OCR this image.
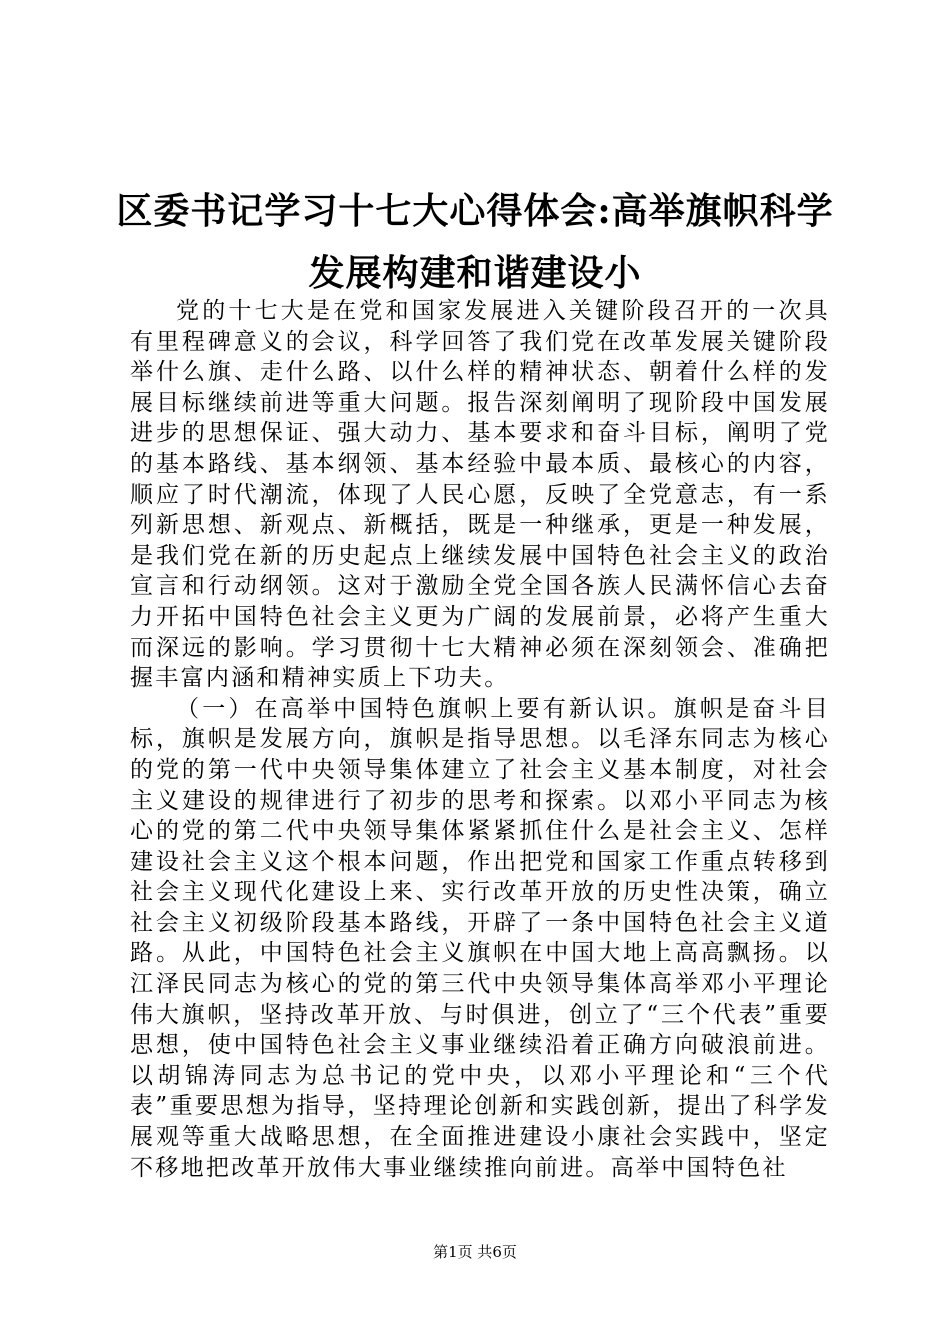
区委书记学习十七大心得体会:高举旗帜科学
发展构建和谐建设小

党的十七大是在党和国家发展进入关键阶段召开的一次具有里程碑意义的会议，科学回答了我们党在改革发展关键阶段举什么旗、走什么路、以什么样的精神状态、朝着什么样的发展目标继续前进等重大问题。报告深刻阐明了现阶段中国发展进步的思想保证、强大动力、基本要求和奋斗目标，阐明了党的基本路线、基本纲领、基本经验中最本质、最核心的内容，顺应了时代潮流，体现了人民心愿，反映了全党意志，有一系列新思想、新观点、新概括，既是一种继承，更是一种发展，是我们党在新的历史起点上继续发展中国特色社会主义的政治宣言和行动纲领。这对于激励全党全国各族人民满怀信心去奋力开拓中国特色社会主义更为广阔的发展前景，必将产生重大而深远的影响。学习贯彻十七大精神必须在深刻领会、准确把握丰富内涵和精神实质上下功夫。

（一）在高举中国特色旗帜上要有新认识。旗帜是奋斗目标，旗帜是发展方向，旗帜是指导思想。以毛泽东同志为核心的党的第一代中央领导集体建立了社会主义基本制度，对社会主义建设的规律进行了初步的思考和探索。以邓小平同志为核心的党的第二代中央领导集体紧紧抓住什么是社会主义、怎样建设社会主义这个根本问题，作出把党和国家工作重点转移到社会主义现代化建设上来、实行改革开放的历史性决策，确立社会主义初级阶段基本路线，开辟了一条中国特色社会主义道路。从此，中国特色社会主义旗帜在中国大地上高高飘扬。以江泽民同志为核心的党的第三代中央领导集体高举邓小平理论伟大旗帜，坚持改革开放、与时俱进，创立了“三个代表”重要思想，使中国特色社会主义事业继续沿着正确方向破浪前进。以胡锦涛同志为总书记的党中央，以邓小平理论和“三个代表”重要思想为指导，坚持理论创新和实践创新，提出了科学发展观等重大战略思想，在全面推进建设小康社会实践中，坚定不移地把改革开放伟大事业继续推向前进。高举中国特色社

第1页 共6页
